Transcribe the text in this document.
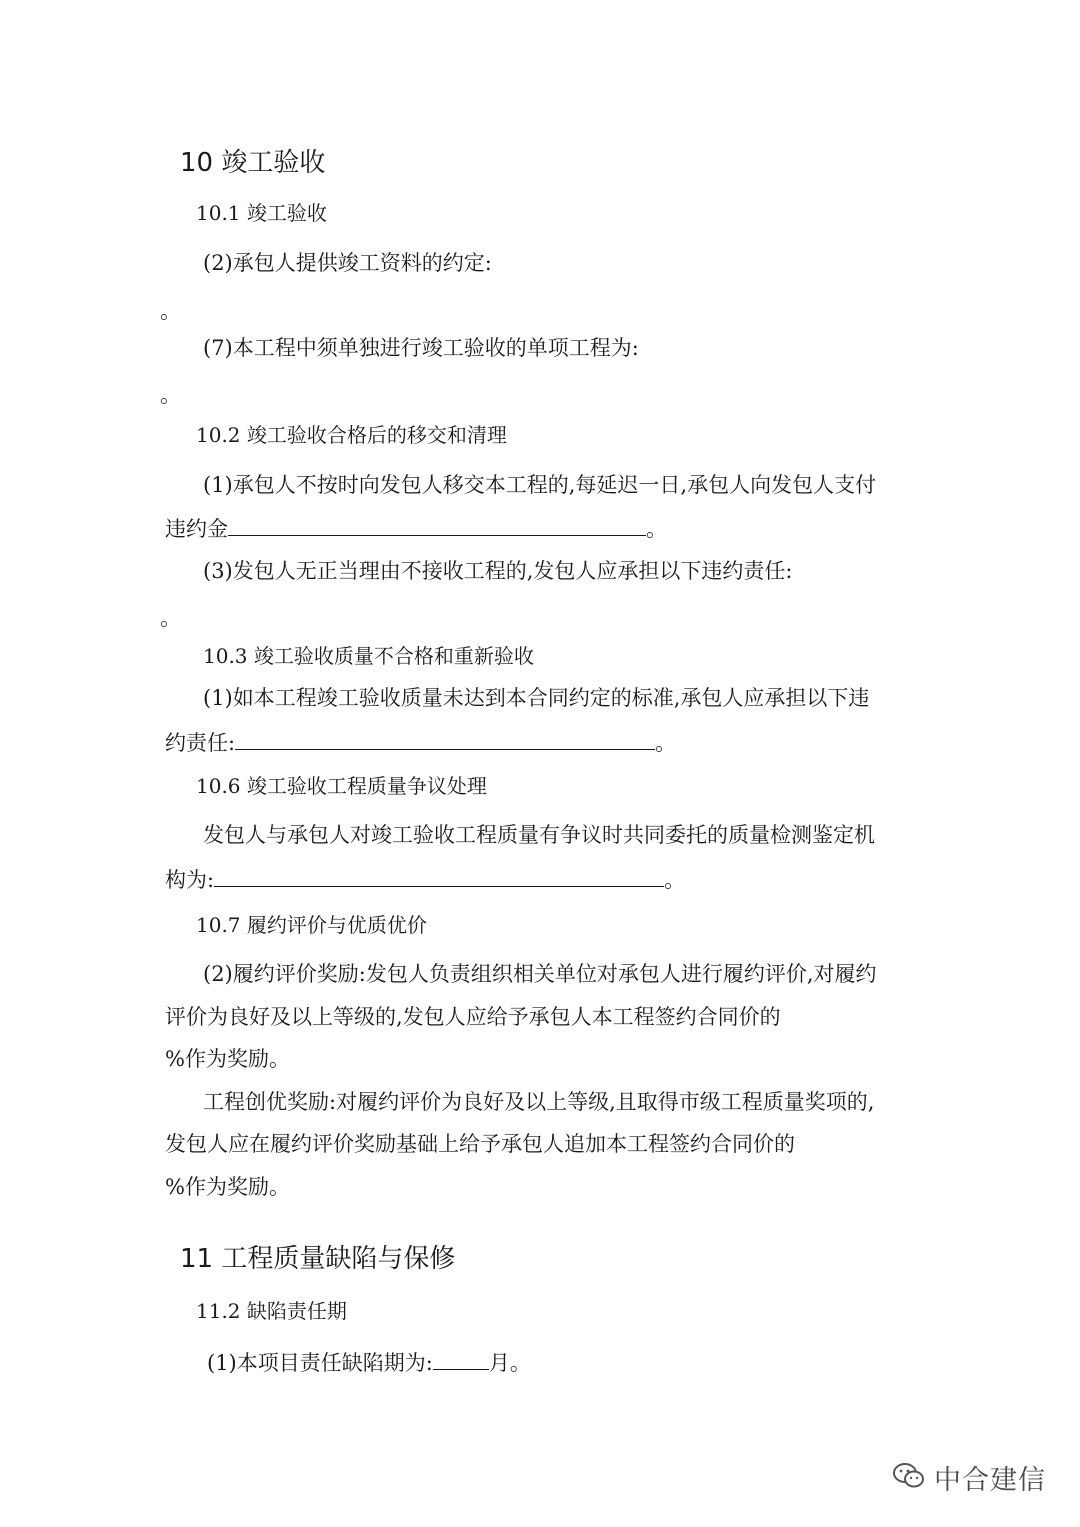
10 竣工验收
10.1 竣工验收
(2)承包人提供竣工资料的约定:
。
(7)本工程中须单独进行竣工验收的单项工程为:
。
10.2 竣工验收合格后的移交和清理
(1)承包人不按时向发包人移交本工程的,每延迟一日,承包人向发包人支付
违约金	。
(3)发包人无正当理由不接收工程的,发包人应承担以下违约责任:
。
10.3 竣工验收质量不合格和重新验收
(1)如本工程竣工验收质量未达到本合同约定的标准,承包人应承担以下违
约责任:	。
10.6 竣工验收工程质量争议处理
发包人与承包人对竣工验收工程质量有争议时共同委托的质量检测鉴定机
构为:	。
10.7 履约评价与优质优价
(2)履约评价奖励:发包人负责组织相关单位对承包人进行履约评价,对履约
评价为良好及以上等级的,发包人应给予承包人本工程签约合同价的
%作为奖励。
工程创优奖励:对履约评价为良好及以上等级,且取得市级工程质量奖项的,
发包人应在履约评价奖励基础上给予承包人追加本工程签约合同价的
%作为奖励。
11 工程质量缺陷与保修
11.2 缺陷责任期
(1)本项目责任缺陷期为:	月。
中合建信
